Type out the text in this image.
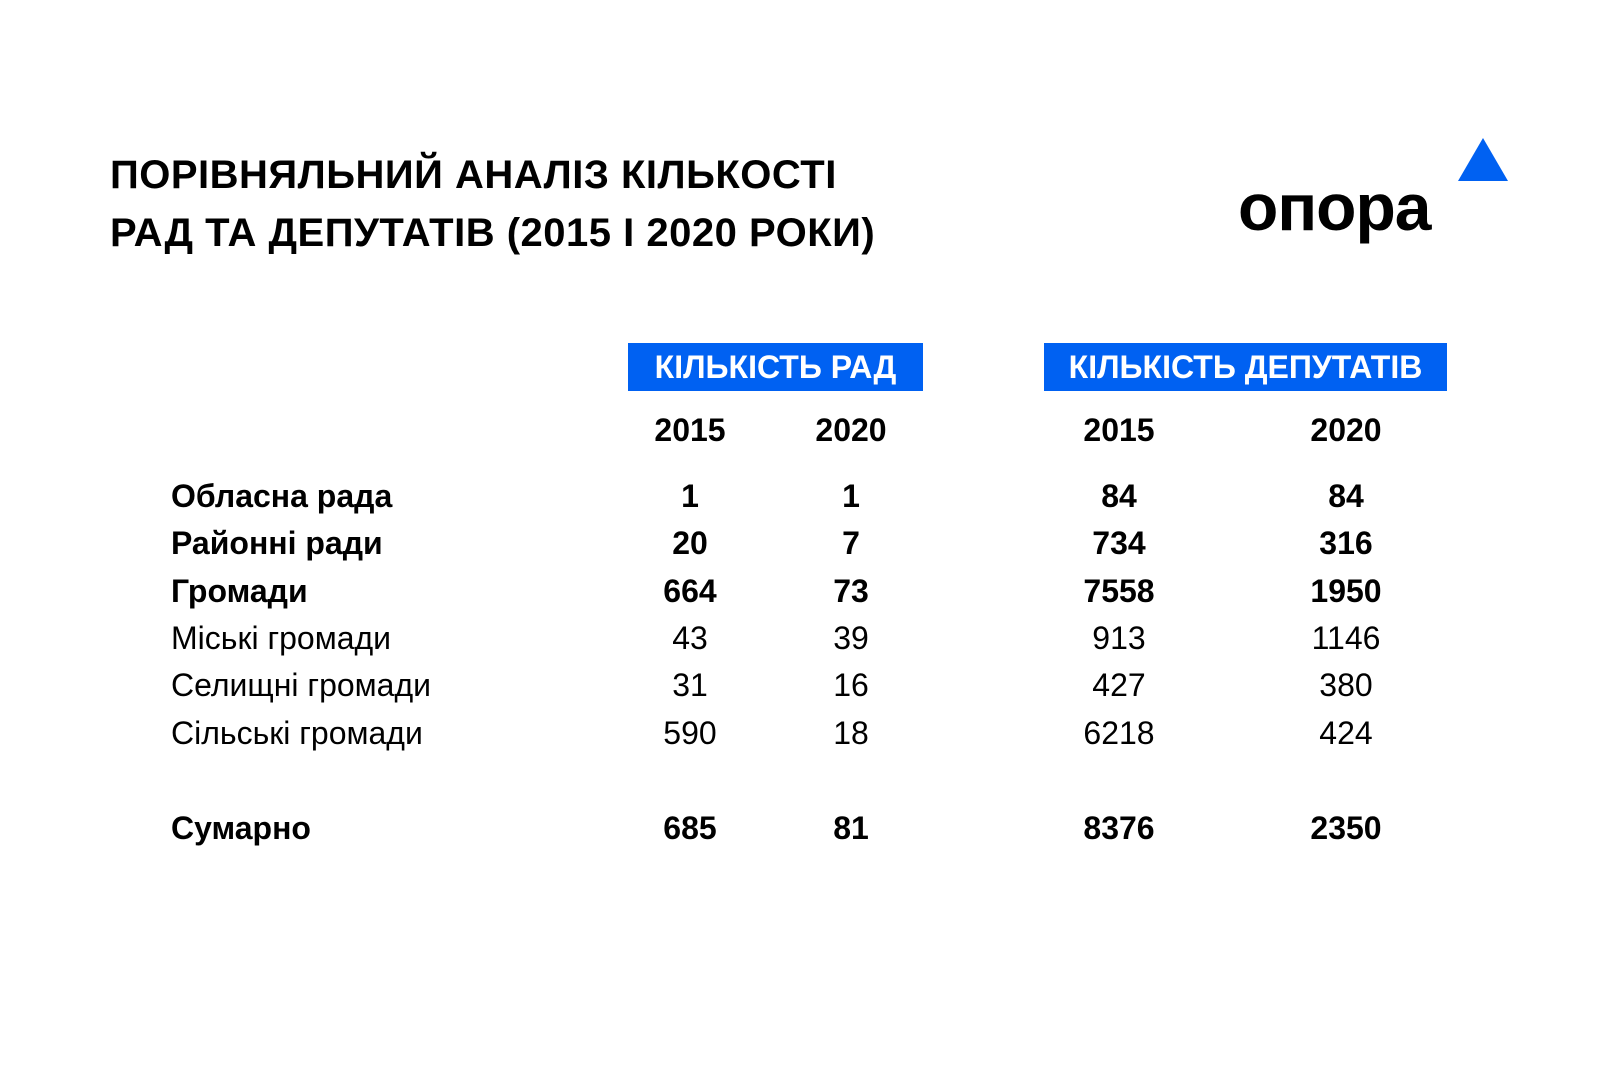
ПОРІВНЯЛЬНИЙ АНАЛІЗ КІЛЬКОСТІ
РАД ТА ДЕПУТАТІВ (2015 І 2020 РОКИ)	опора
КІЛЬКІСТЬ РАД
2015	2020
КІЛЬКІСТЬ ДЕПУТАТІВ
2015	2020
Обласна рада	1	1	84	84
Районні ради	20	7	734	316
Громади	664	73	7558	1950
Міські громади	43	39	913	1146
Селищні громади	31	16	427	380
Сільські громади	590	18	6218	424
Сумарно	685	81	8376	2350
